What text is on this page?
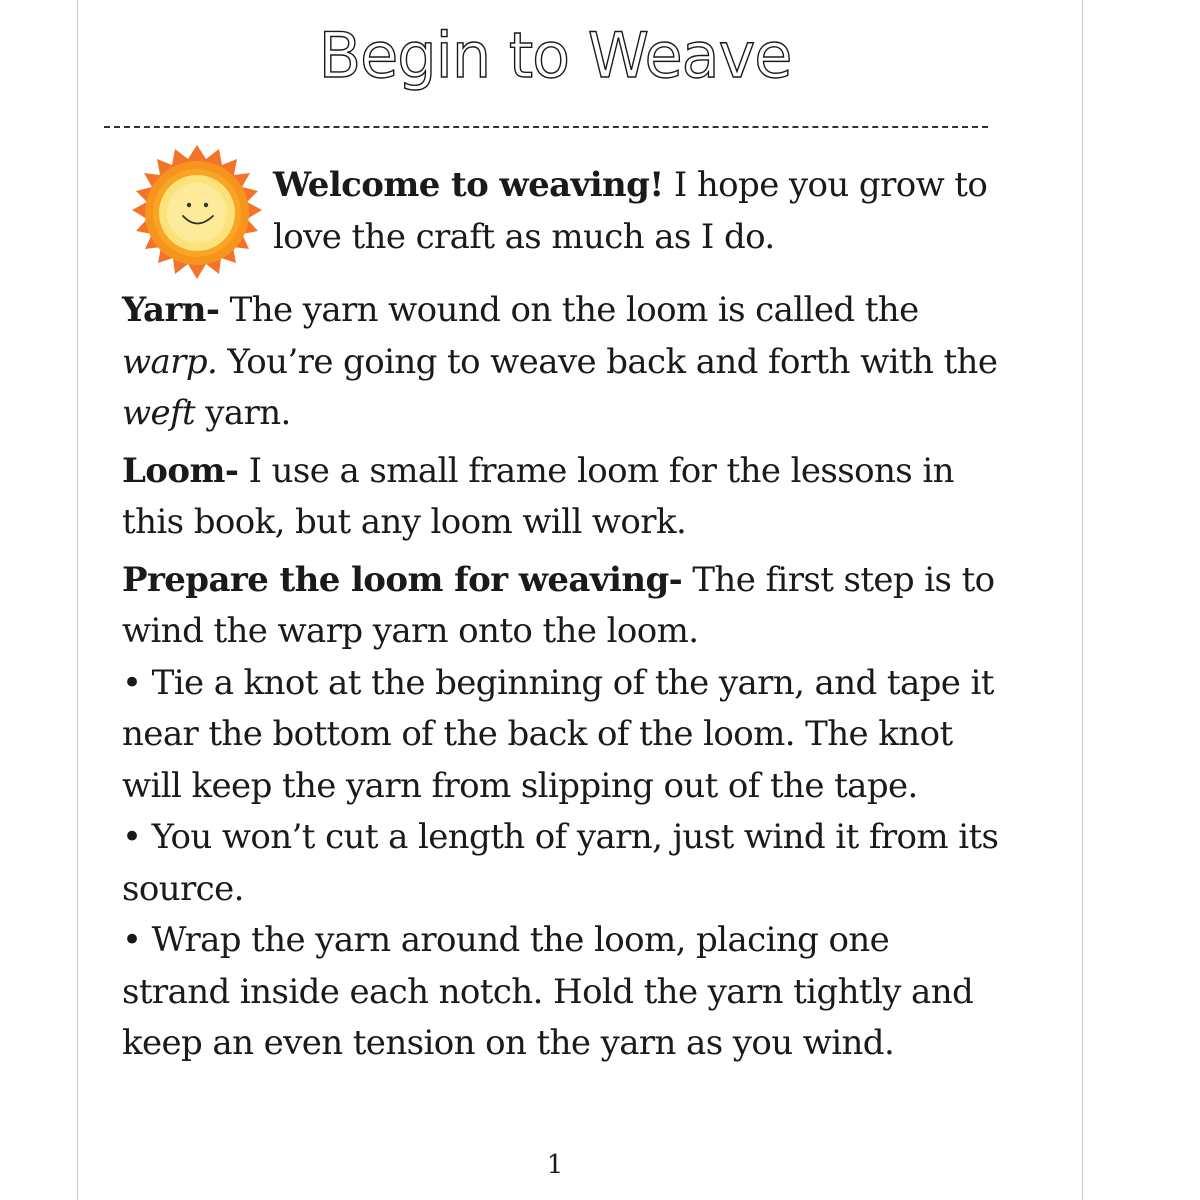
Begin to Weave
Welcome to weaving! I hope you grow to love the craft as much as I do.

Yarn- The yarn wound on the loom is called the warp. You’re going to weave back and forth with the weft yarn.

Loom- I use a small frame loom for the lessons in this book, but any loom will work.

Prepare the loom for weaving- The first step is to wind the warp yarn onto the loom.

• Tie a knot at the beginning of the yarn, and tape it near the bottom of the back of the loom. The knot will keep the yarn from slipping out of the tape.

• You won’t cut a length of yarn, just wind it from its source.

• Wrap the yarn around the loom, placing one strand inside each notch. Hold the yarn tightly and keep an even tension on the yarn as you wind.

1
